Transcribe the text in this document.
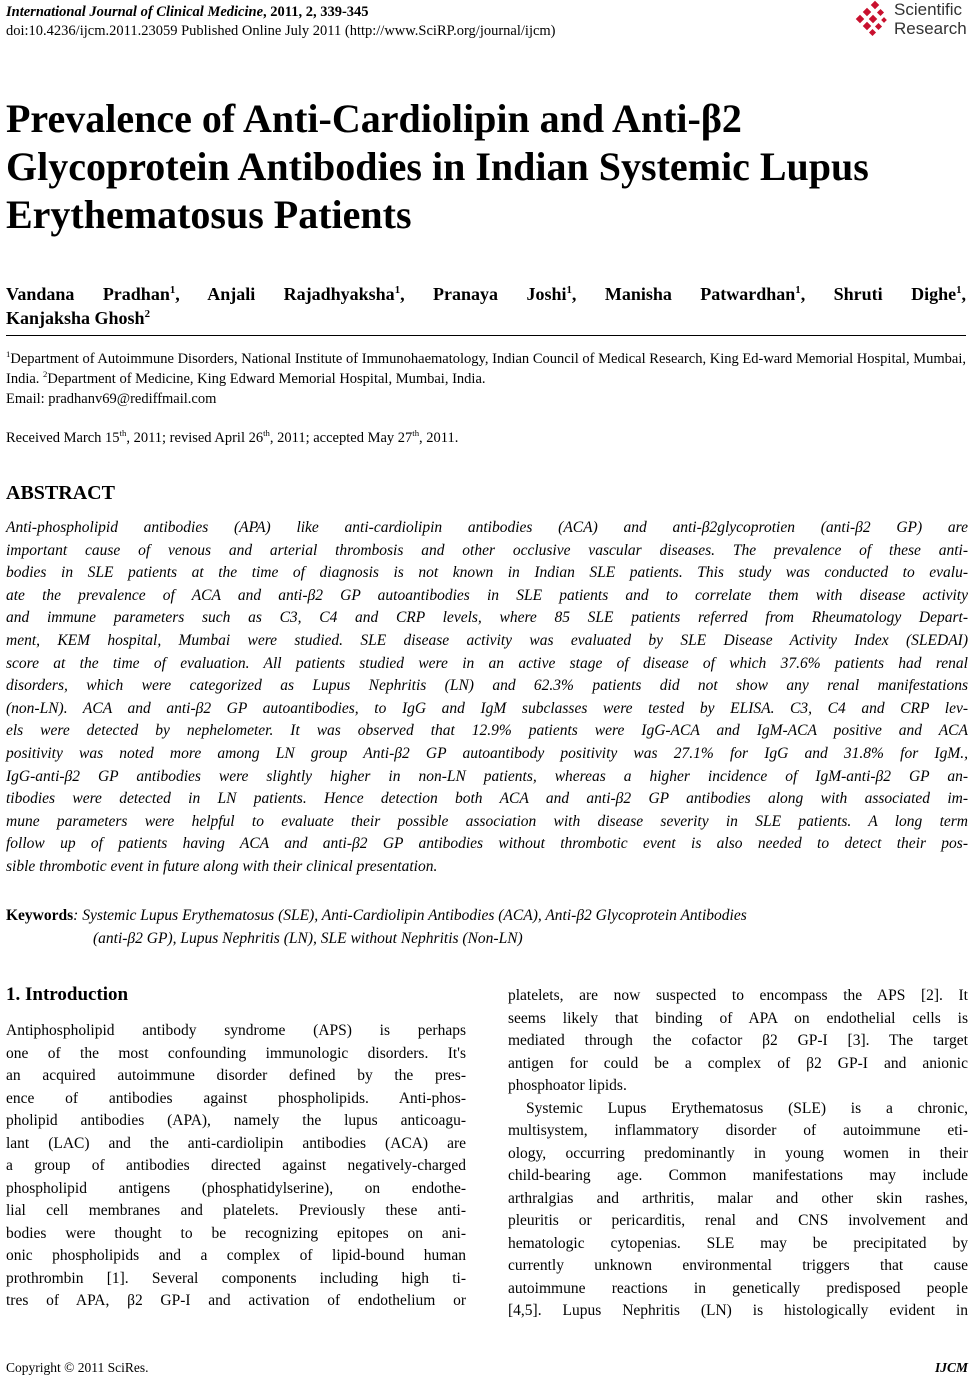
International Journal of Clinical Medicine, 2011, 2, 339-345
doi:10.4236/ijcm.2011.23059 Published Online July 2011 (http://www.SciRP.org/journal/ijcm)
Scientific
Research
Prevalence of Anti-Cardiolipin and Anti-β2
Glycoprotein Antibodies in Indian Systemic Lupus
Erythematosus Patients
Vandana Pradhan$^1$, Anjali Rajadhyaksha$^1$, Pranaya Joshi$^1$, Manisha Patwardhan$^1$, Shruti Dighe$^1$,
Kanjaksha Ghosh$^2$
$^1$Department of Autoimmune Disorders, National Institute of Immunohaematology, Indian Council of Medical Research, King Ed-ward Memorial Hospital, Mumbai, India. $^2$Department of Medicine, King Edward Memorial Hospital, Mumbai, India.
Email: pradhanv69@rediffmail.com
Received March 15th, 2011; revised April 26th, 2011; accepted May 27th, 2011.
ABSTRACT
Anti-phospholipid antibodies (APA) like anti-cardiolipin antibodies (ACA) and anti-β2glycoprotien (anti-β2 GP) are
important cause of venous and arterial thrombosis and other occlusive vascular diseases. The prevalence of these anti-
bodies in SLE patients at the time of diagnosis is not known in Indian SLE patients. This study was conducted to evalu-
ate the prevalence of ACA and anti-β2 GP autoantibodies in SLE patients and to correlate them with disease activity
and immune parameters such as C3, C4 and CRP levels, where 85 SLE patients referred from Rheumatology Depart-
ment, KEM hospital, Mumbai were studied. SLE disease activity was evaluated by SLE Disease Activity Index (SLEDAI)
score at the time of evaluation. All patients studied were in an active stage of disease of which 37.6% patients had renal
disorders, which were categorized as Lupus Nephritis (LN) and 62.3% patients did not show any renal manifestations
(non-LN). ACA and anti-β2 GP autoantibodies, to IgG and IgM subclasses were tested by ELISA. C3, C4 and CRP lev-
els were detected by nephelometer. It was observed that 12.9% patients were IgG-ACA and IgM-ACA positive and ACA
positivity was noted more among LN group Anti-β2 GP autoantibody positivity was 27.1% for IgG and 31.8% for IgM.,
IgG-anti-β2 GP antibodies were slightly higher in non-LN patients, whereas a higher incidence of IgM-anti-β2 GP an-
tibodies were detected in LN patients. Hence detection both ACA and anti-β2 GP antibodies along with associated im-
mune parameters were helpful to evaluate their possible association with disease severity in SLE patients. A long term
follow up of patients having ACA and anti-β2 GP antibodies without thrombotic event is also needed to detect their pos-
sible thrombotic event in future along with their clinical presentation.
Keywords: Systemic Lupus Erythematosus (SLE), Anti-Cardiolipin Antibodies (ACA), Anti-β2 Glycoprotein Antibodies
(anti-β2 GP), Lupus Nephritis (LN), SLE without Nephritis (Non-LN)
1. Introduction
Antiphospholipid antibody syndrome (APS) is perhaps
one of the most confounding immunologic disorders. It's
an acquired autoimmune disorder defined by the pres-
ence of antibodies against phospholipids. Anti-phos-
pholipid antibodies (APA), namely the lupus anticoagu-
lant (LAC) and the anti-cardiolipin antibodies (ACA) are
a group of antibodies directed against negatively-charged
phospholipid antigens (phosphatidylserine), on endothe-
lial cell membranes and platelets. Previously these anti-
bodies were thought to be recognizing epitopes on ani-
onic phospholipids and a complex of lipid-bound human
prothrombin [1]. Several components including high ti-
tres of APA, β2 GP-I and activation of endothelium or
platelets, are now suspected to encompass the APS [2]. It
seems likely that binding of APA on endothelial cells is
mediated through the cofactor β2 GP-I [3]. The target
antigen for could be a complex of β2 GP-I and anionic
phosphoator lipids.
Systemic Lupus Erythematosus (SLE) is a chronic,
multisystem, inflammatory disorder of autoimmune eti-
ology, occurring predominantly in young women in their
child-bearing age. Common manifestations may include
arthralgias and arthritis, malar and other skin rashes,
pleuritis or pericarditis, renal and CNS involvement and
hematologic cytopenias. SLE may be precipitated by
currently unknown environmental triggers that cause
autoimmune reactions in genetically predisposed people
[4,5]. Lupus Nephritis (LN) is histologically evident in
Copyright © 2011 SciRes.	IJCM
